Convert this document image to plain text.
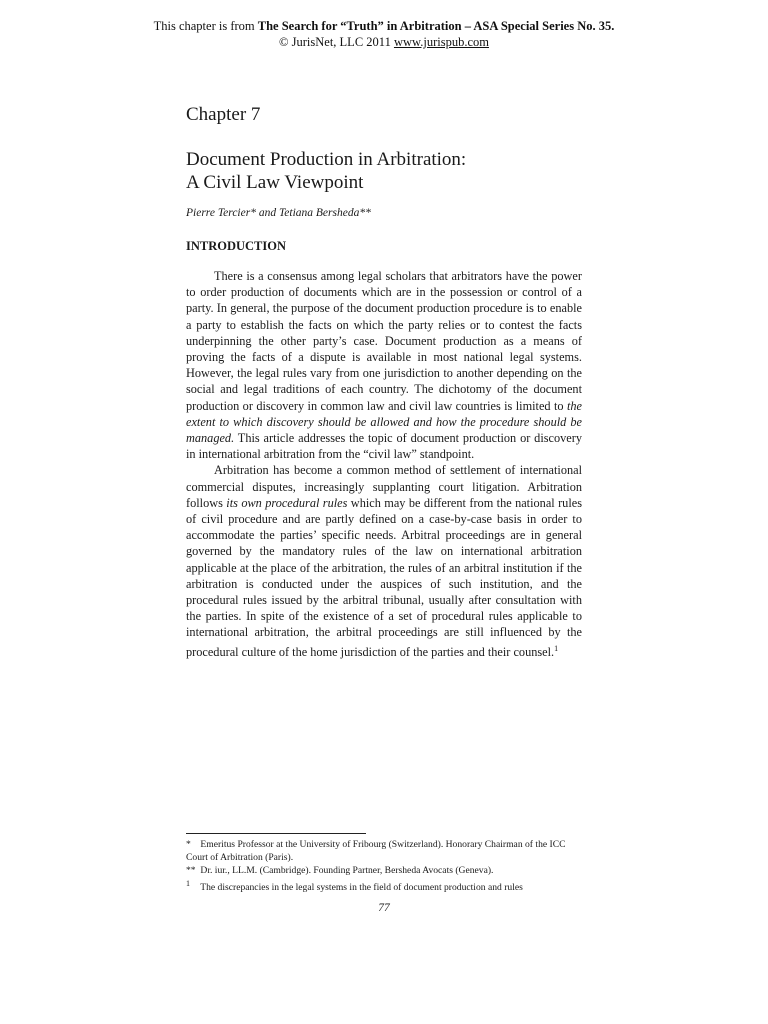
This chapter is from The Search for “Truth” in Arbitration – ASA Special Series No. 35.
© JurisNet, LLC 2011 www.jurispub.com
Chapter 7
Document Production in Arbitration:
A Civil Law Viewpoint
Pierre Tercier* and Tetiana Bersheda**
INTRODUCTION

There is a consensus among legal scholars that arbitrators have the power to order production of documents which are in the possession or control of a party. In general, the purpose of the document production procedure is to enable a party to establish the facts on which the party relies or to contest the facts underpinning the other party’s case. Document production as a means of proving the facts of a dispute is available in most national legal systems. However, the legal rules vary from one jurisdiction to another depending on the social and legal traditions of each country. The dichotomy of the document production or discovery in common law and civil law countries is limited to the extent to which discovery should be allowed and how the procedure should be managed. This article addresses the topic of document production or discovery in international arbitration from the “civil law” standpoint.

Arbitration has become a common method of settlement of international commercial disputes, increasingly supplanting court litigation. Arbitration follows its own procedural rules which may be different from the national rules of civil procedure and are partly defined on a case-by-case basis in order to accommodate the parties’ specific needs. Arbitral proceedings are in general governed by the mandatory rules of the law on international arbitration applicable at the place of the arbitration, the rules of an arbitral institution if the arbitration is conducted under the auspices of such institution, and the procedural rules issued by the arbitral tribunal, usually after consultation with the parties. In spite of the existence of a set of procedural rules applicable to international arbitration, the arbitral proceedings are still influenced by the procedural culture of the home jurisdiction of the parties and their counsel.$^1$

* Emeritus Professor at the University of Fribourg (Switzerland). Honorary Chairman of the ICC Court of Arbitration (Paris).

** Dr. iur., LL.M. (Cambridge). Founding Partner, Bersheda Avocats (Geneva).

$^1$ The discrepancies in the legal systems in the field of document production and rules

77
